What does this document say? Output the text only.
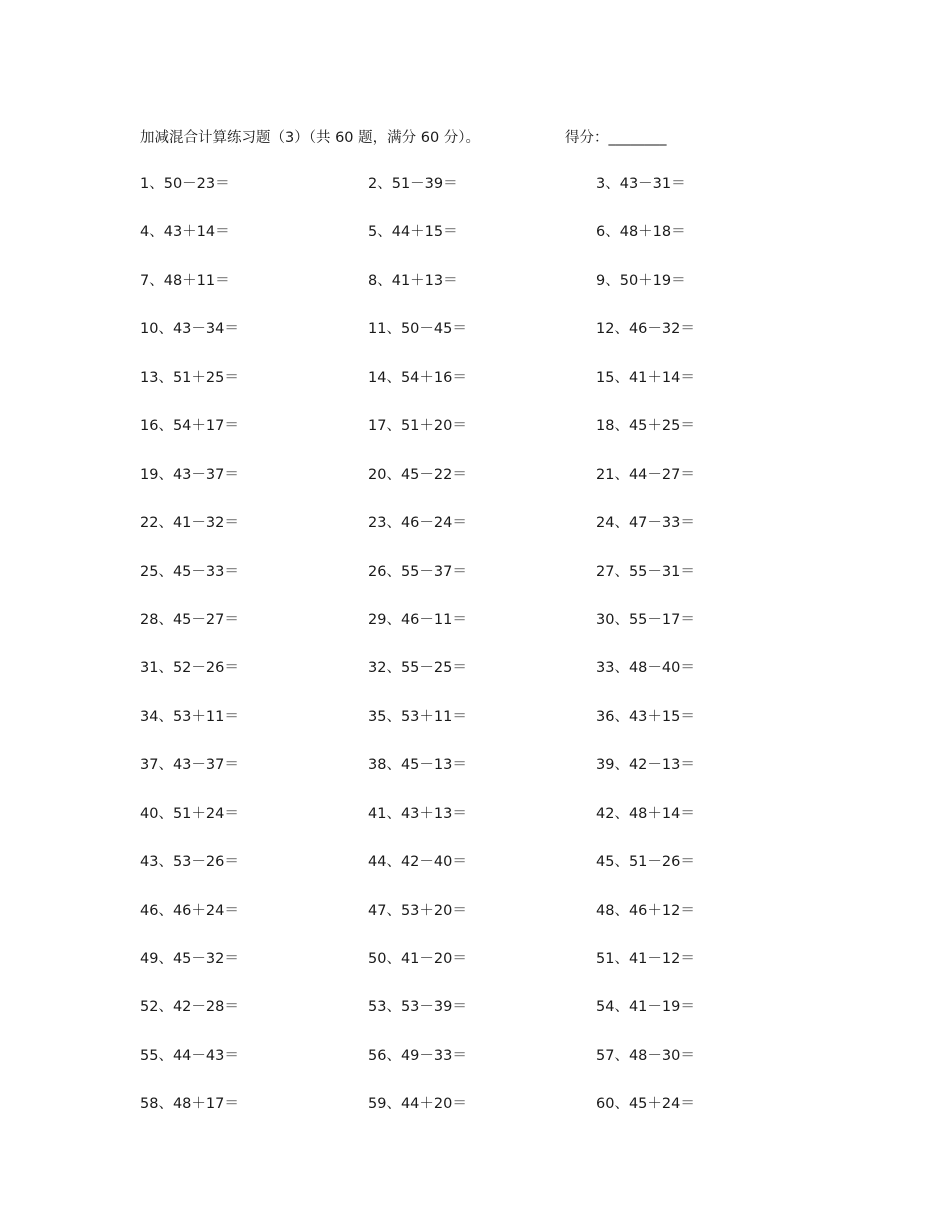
加减混合计算练习题（3）（共 60 题，满分 60 分）。	得分：________
1、50－23＝	2、51－39＝	3、43－31＝
4、43＋14＝	5、44＋15＝	6、48＋18＝
7、48＋11＝	8、41＋13＝	9、50＋19＝
10、43－34＝	11、50－45＝	12、46－32＝
13、51＋25＝	14、54＋16＝	15、41＋14＝
16、54＋17＝	17、51＋20＝	18、45＋25＝
19、43－37＝	20、45－22＝	21、44－27＝
22、41－32＝	23、46－24＝	24、47－33＝
25、45－33＝	26、55－37＝	27、55－31＝
28、45－27＝	29、46－11＝	30、55－17＝
31、52－26＝	32、55－25＝	33、48－40＝
34、53＋11＝	35、53＋11＝	36、43＋15＝
37、43－37＝	38、45－13＝	39、42－13＝
40、51＋24＝	41、43＋13＝	42、48＋14＝
43、53－26＝	44、42－40＝	45、51－26＝
46、46＋24＝	47、53＋20＝	48、46＋12＝
49、45－32＝	50、41－20＝	51、41－12＝
52、42－28＝	53、53－39＝	54、41－19＝
55、44－43＝	56、49－33＝	57、48－30＝
58、48＋17＝	59、44＋20＝	60、45＋24＝
